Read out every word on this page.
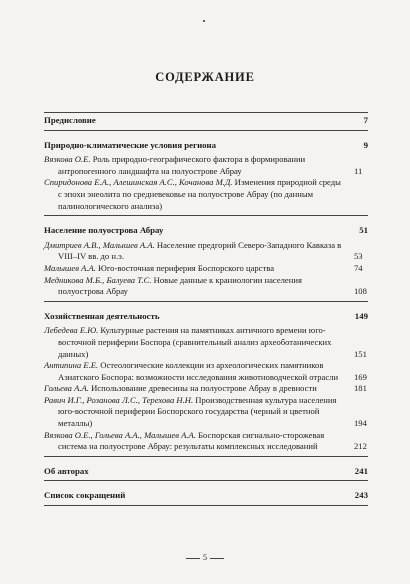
СОДЕРЖАНИЕ
Предисловие	7
Природно-климатические условия региона	9
Вязкова О.Е. Роль природно-географического фактора в формировании антропогенного ландшафта на полуострове Абрау	11
Спиридонова Е.А., Алешинская А.С., Кочанова М.Д. Изменения природной среды с эпохи энеолита по средневековье на полуострове Абрау (по данным палинологического анализа)
Население полуострова Абрау	51
Дмитриев А.В., Малышев А.А. Население предгорий Северо-Западного Кавказа в VIII–IV вв. до н.э.	53
Малышев А.А. Юго-восточная периферия Боспорского царства	74
Медникова М.Б., Балуева Т.С. Новые данные к краниологии населения полуострова Абрау	108
Хозяйственная деятельность	149
Лебедева Е.Ю. Культурные растения на памятниках античного времени юго-восточной периферии Боспора (сравнительный анализ археоботанических данных)	151
Антипина Е.Е. Остеологические коллекции из археологических памятников Азиатского Боспора: возможности исследования животноводческой отрасли	169
Гольева А.А. Использование древесины на полуострове Абрау в древности	181
Равич И.Г., Розанова Л.С., Терехова Н.Н. Производственная культура населения юго-восточной периферии Боспорского государства (черный и цветной металлы)	194
Вязкова О.Е., Гольева А.А., Малышев А.А. Боспорская сигнально-сторожевая система на полуострове Абрау: результаты комплексных исследований	212
Об авторах	241
Список сокращений	243
5
